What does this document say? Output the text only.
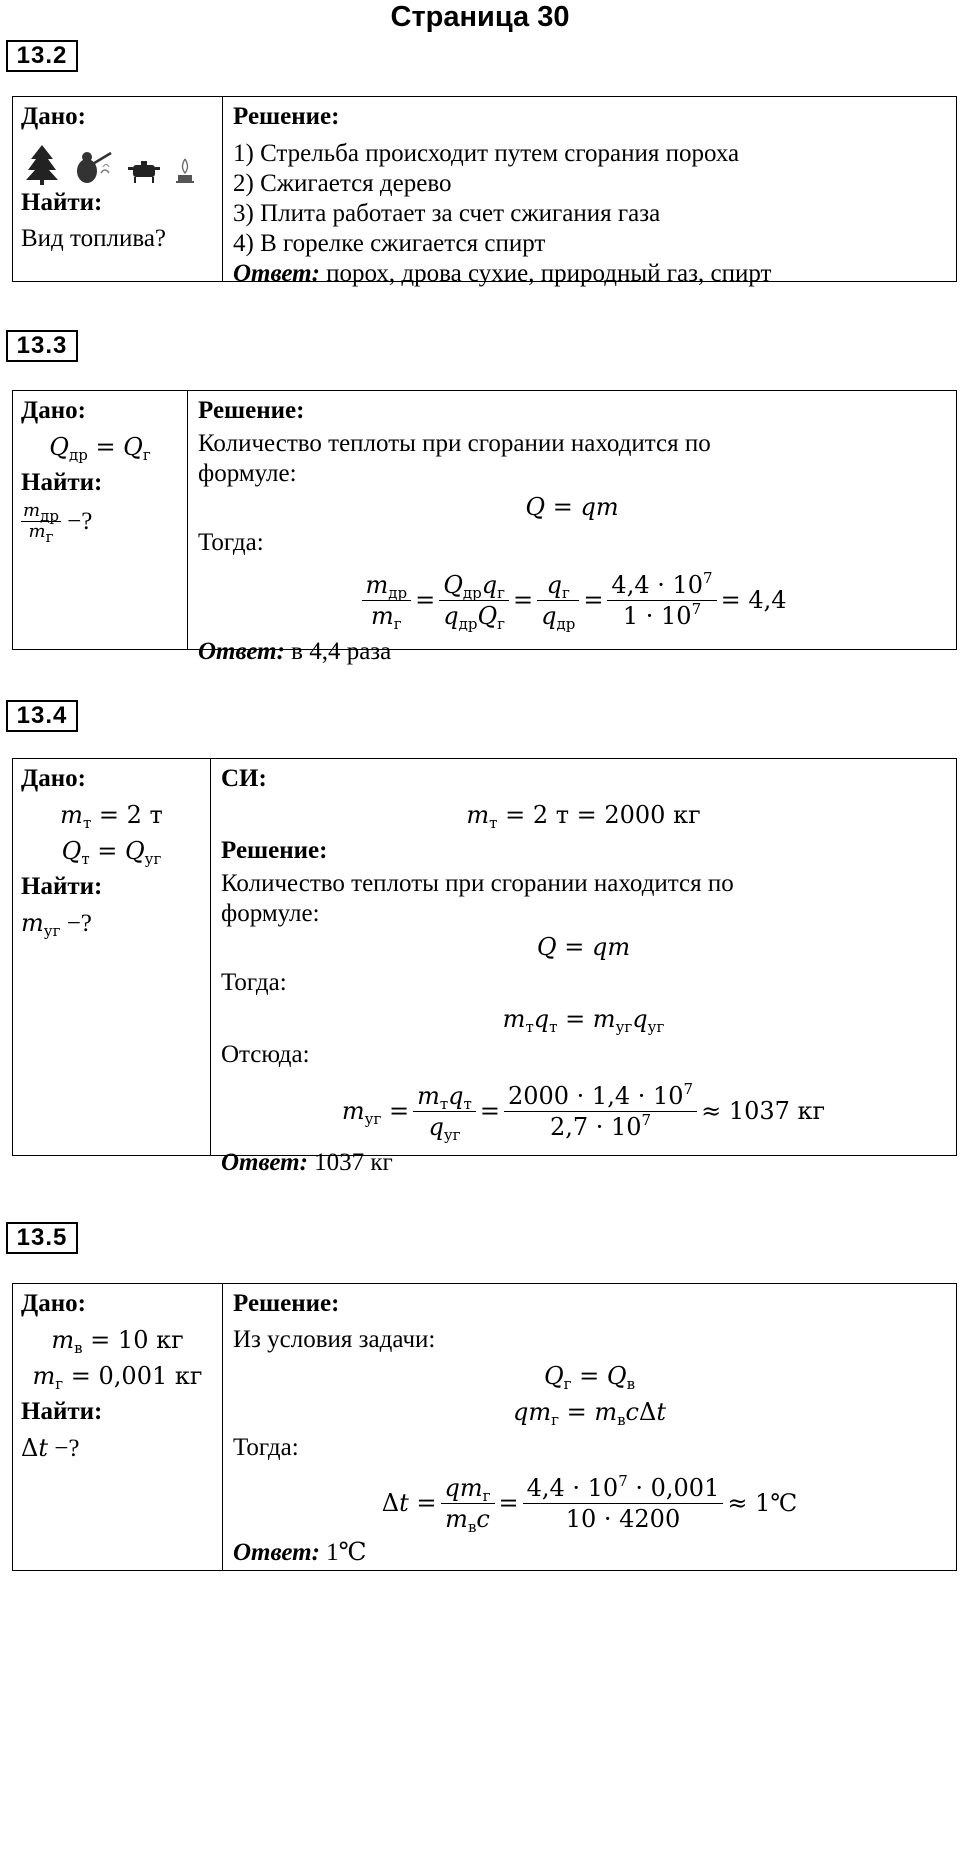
Страница 30
13.2
Дано:
Найти:
Вид топлива?
Решение:
1) Стрельба происходит путем сгорания пороха
2) Сжигается дерево
3) Плита работает за счет сжигания газа
4) В горелке сжигается спирт
Ответ: порох, дрова сухие, природный газ, спирт
13.3
Дано:
$Q_{др} = Q_г$
Найти:
$\frac{m_{др}}{m_г}$ −?
Решение:
Количество теплоты при сгорании находится по
формуле:
Q = qm
Тогда:
$\frac{m_{др}}{m_г} = \frac{Q_{др}q_г}{q_{др}Q_г} = \frac{q_г}{q_{др}} = \frac{4,4 \cdot 10^7}{1 \cdot 10^7} = 4,4$
Ответ: в 4,4 раза
13.4
Дано:
$m_т = 2$ т
$Q_т = Q_{уг}$
Найти:
$m_{уг}$ −?
СИ:
$m_т = 2$ т = 2000 кг
Решение:
Количество теплоты при сгорании находится по
формуле:
Q = qm
Тогда:
$m_тq_т = m_{уг}q_{уг}$
Отсюда:
$m_{уг} = \frac{m_тq_т}{q_{уг}} = \frac{2000 \cdot 1,4 \cdot 10^7}{2,7 \cdot 10^7} \approx 1037$ кг
Ответ: 1037 кг
13.5
Дано:
$m_в = 10$ кг
$m_г = 0,001$ кг
Найти:
Δt −?
Решение:
Из условия задачи:
$Q_г = Q_в$
$qm_г = m_вc\Delta t$
Тогда:
$\Delta t = \frac{qm_г}{m_вc} = \frac{4,4 \cdot 10^7 \cdot 0,001}{10 \cdot 4200}$ ≈ 1℃
Ответ: 1℃
